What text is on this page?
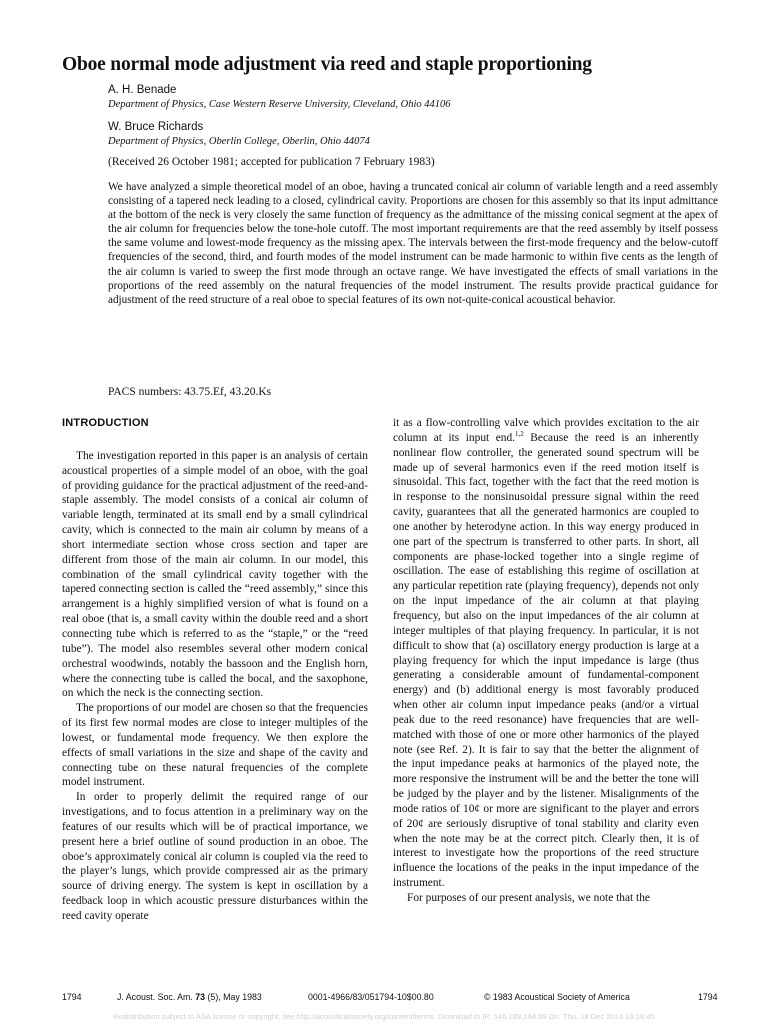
Oboe normal mode adjustment via reed and staple proportioning
A. H. Benade
Department of Physics, Case Western Reserve University, Cleveland, Ohio 44106
W. Bruce Richards
Department of Physics, Oberlin College, Oberlin, Ohio 44074
(Received 26 October 1981; accepted for publication 7 February 1983)

We have analyzed a simple theoretical model of an oboe, having a truncated conical air column of variable length and a reed assembly consisting of a tapered neck leading to a closed, cylindrical cavity. Proportions are chosen for this assembly so that its input admittance at the bottom of the neck is very closely the same function of frequency as the admittance of the missing conical segment at the apex of the air column for frequencies below the tone-hole cutoff. The most important requirements are that the reed assembly by itself possess the same volume and lowest-mode frequency as the missing apex. The intervals between the first-mode frequency and the below-cutoff frequencies of the second, third, and fourth modes of the model instrument can be made harmonic to within five cents as the length of the air column is varied to sweep the first mode through an octave range. We have investigated the effects of small variations in the proportions of the reed assembly on the natural frequencies of the model instrument. The results provide practical guidance for adjustment of the reed structure of a real oboe to special features of its own not-quite-conical acoustical behavior.

PACS numbers: 43.75.Ef, 43.20.Ks
INTRODUCTION

The investigation reported in this paper is an analysis of certain acoustical properties of a simple model of an oboe, with the goal of providing guidance for the practical adjustment of the reed-and-staple assembly. The model consists of a conical air column of variable length, terminated at its small end by a small cylindrical cavity, which is connected to the main air column by means of a short intermediate section whose cross section and taper are different from those of the main air column. In our model, this combination of the small cylindrical cavity together with the tapered connecting section is called the “reed assembly,” since this arrangement is a highly simplified version of what is found on a real oboe (that is, a small cavity within the double reed and a short connecting tube which is referred to as the “staple,” or the “reed tube”). The model also resembles several other modern conical orchestral woodwinds, notably the bassoon and the English horn, where the connecting tube is called the bocal, and the saxophone, on which the neck is the connecting section.

The proportions of our model are chosen so that the frequencies of its first few normal modes are close to integer multiples of the lowest, or fundamental mode frequency. We then explore the effects of small variations in the size and shape of the cavity and connecting tube on these natural frequencies of the complete model instrument.

In order to properly delimit the required range of our investigations, and to focus attention in a preliminary way on the features of our results which will be of practical importance, we present here a brief outline of sound production in an oboe. The oboe’s approximately conical air column is coupled via the reed to the player’s lungs, which provide compressed air as the primary source of driving energy. The system is kept in oscillation by a feedback loop in which acoustic pressure disturbances within the reed cavity operate

it as a flow-controlling valve which provides excitation to the air column at its input end.$^{1,2}$ Because the reed is an inherently nonlinear flow controller, the generated sound spectrum will be made up of several harmonics even if the reed motion itself is sinusoidal. This fact, together with the fact that the reed motion is in response to the nonsinusoidal pressure signal within the reed cavity, guarantees that all the generated harmonics are coupled to one another by heterodyne action. In this way energy produced in one part of the spectrum is transferred to other parts. In short, all components are phase-locked together into a single regime of oscillation. The ease of establishing this regime of oscillation at any particular repetition rate (playing frequency), depends not only on the input impedance of the air column at that playing frequency, but also on the input impedances of the air column at integer multiples of that playing frequency. In particular, it is not difficult to show that (a) oscillatory energy production is large at a playing frequency for which the input impedance is large (thus generating a considerable amount of fundamental-component energy) and (b) additional energy is most favorably produced when other air column input impedance peaks (and/or a virtual peak due to the reed resonance) have frequencies that are well-matched with those of one or more other harmonics of the played note (see Ref. 2). It is fair to say that the better the alignment of the input impedance peaks at harmonics of the played note, the more responsive the instrument will be and the better the tone will be judged by the player and by the listener. Misalignments of the mode ratios of 10¢ or more are significant to the player and errors of 20¢ are seriously disruptive of tonal stability and clarity even when the note may be at the correct pitch. Clearly then, it is of interest to investigate how the proportions of the reed structure influence the locations of the peaks in the input impedance of the instrument.

For purposes of our present analysis, we note that the

1794	J. Acoust. Soc. Am. 73 (5), May 1983	0001-4966/83/051794-10$00.80	© 1983 Acoustical Society of America	1794
Redistribution subject to ASA license or copyright; see http://acousticalsociety.org/content/terms. Download to IP: 146.189.194.69 On: Thu, 18 Dec 2014 19:16:45
